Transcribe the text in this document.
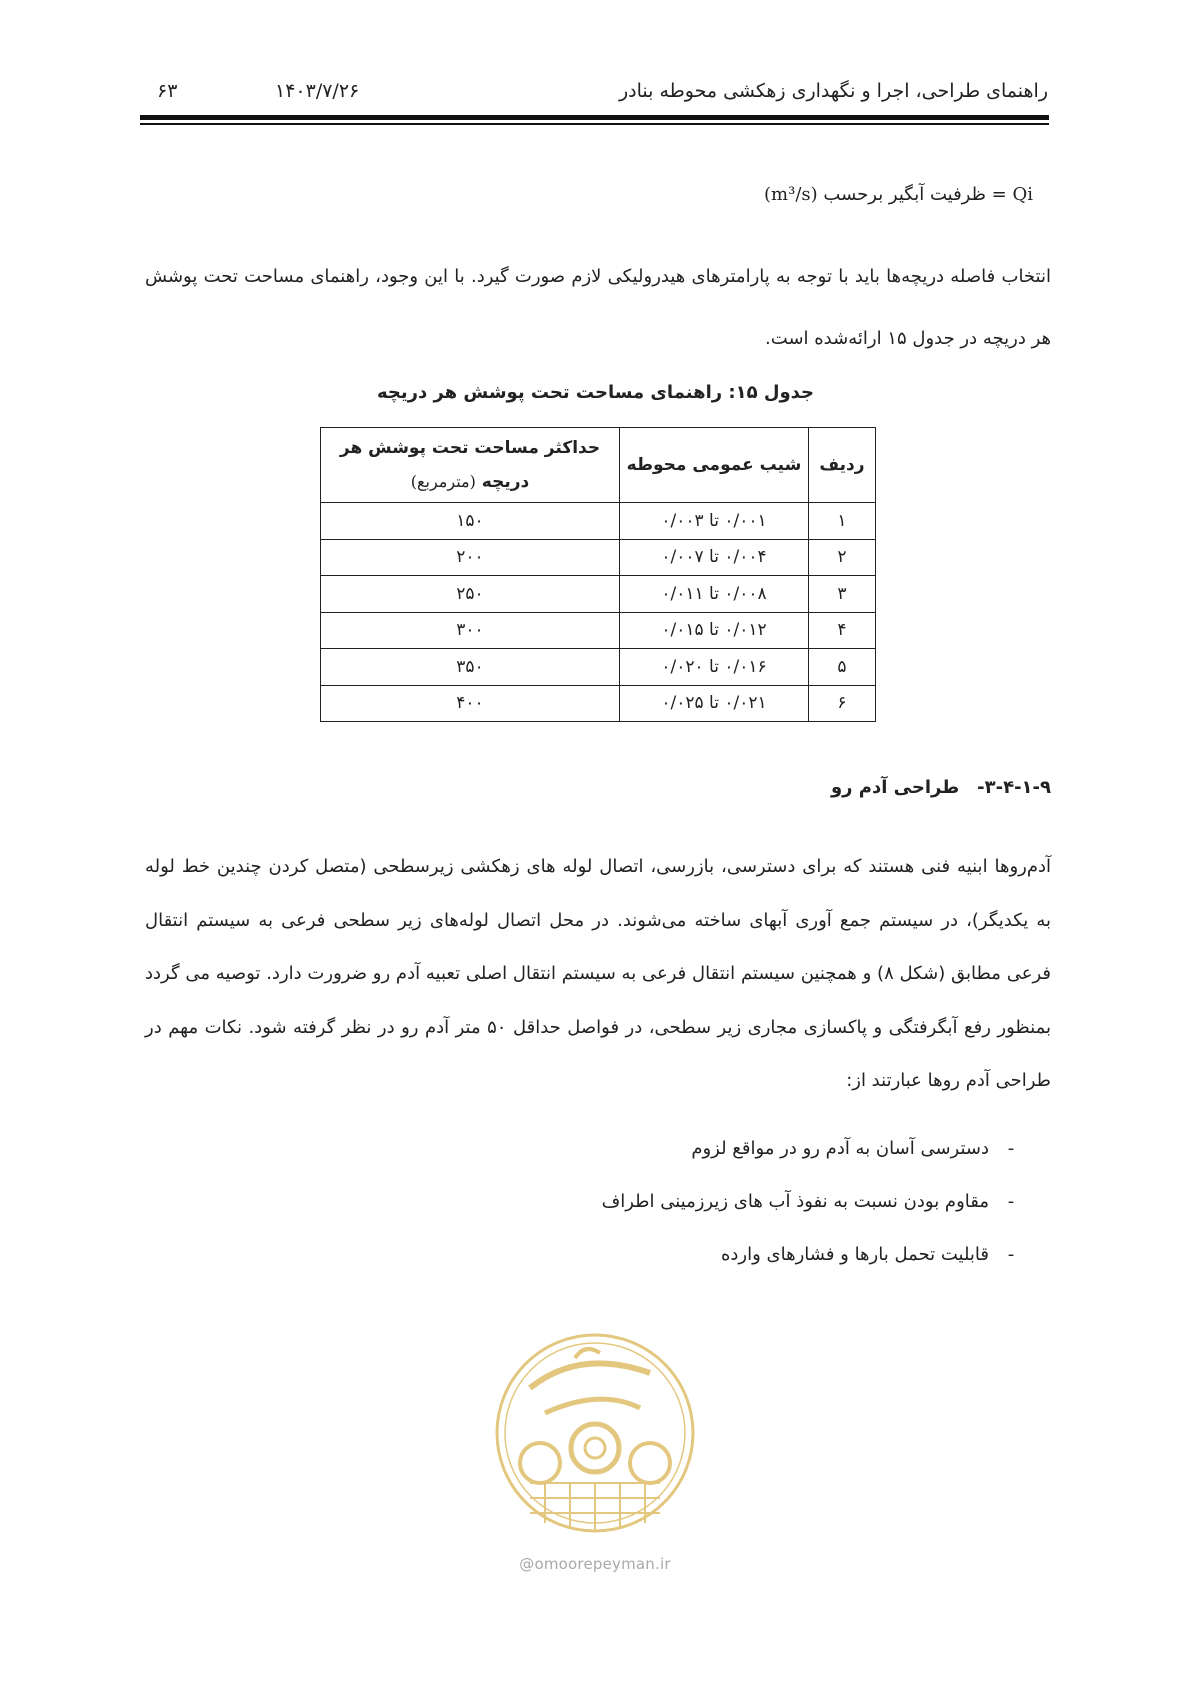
راهنمای طراحی، اجرا و نگهداری زهکشی محوطه بنادر
۱۴۰۳/۷/۲۶
۶۳
Qi = ظرفیت آبگیر برحسب (m³/s)
انتخاب فاصله دریچه‌ها باید با توجه به پارامترهای هیدرولیکی لازم صورت گیرد. با این وجود، راهنمای مساحت تحت پوشش هر دریچه در جدول ۱۵ ارائه‌شده است.
جدول ۱۵: راهنمای مساحت تحت پوشش هر دریچه
ردیف	شیب عمومی محوطه	حداکثر مساحت تحت پوشش هر
دریچه (مترمربع)

۱	۰/۰۰۱ تا ۰/۰۰۳	۱۵۰
۲	۰/۰۰۴ تا ۰/۰۰۷	۲۰۰
۳	۰/۰۰۸ تا ۰/۰۱۱	۲۵۰
۴	۰/۰۱۲ تا ۰/۰۱۵	۳۰۰
۵	۰/۰۱۶ تا ۰/۰۲۰	۳۵۰
۶	۰/۰۲۱ تا ۰/۰۲۵	۴۰۰
۳-۴-۱-۹-طراحی آدم رو
آدم‌روها ابنیه فنی هستند که برای دسترسی، بازرسی، اتصال لوله های زهکشی زیرسطحی (متصل کردن چندین خط لوله به یکدیگر)، در سیستم جمع آوری آبهای ساخته می‌شوند. در محل اتصال لوله‌های زیر سطحی فرعی به سیستم انتقال فرعی مطابق (شکل ۸) و همچنین سیستم انتقال فرعی به سیستم انتقال اصلی تعبیه آدم رو ضرورت دارد. توصیه می گردد بمنظور رفع آبگرفتگی و پاکسازی مجاری زیر سطحی، در فواصل حداقل ۵۰ متر آدم رو در نظر گرفته شود. نکات مهم در طراحی آدم روها عبارتند از:
-دسترسی آسان به آدم رو در مواقع لزوم
-مقاوم بودن نسبت به نفوذ آب های زیرزمینی اطراف
-قابلیت تحمل بارها و فشارهای وارده
@omoorepeyman.ir
